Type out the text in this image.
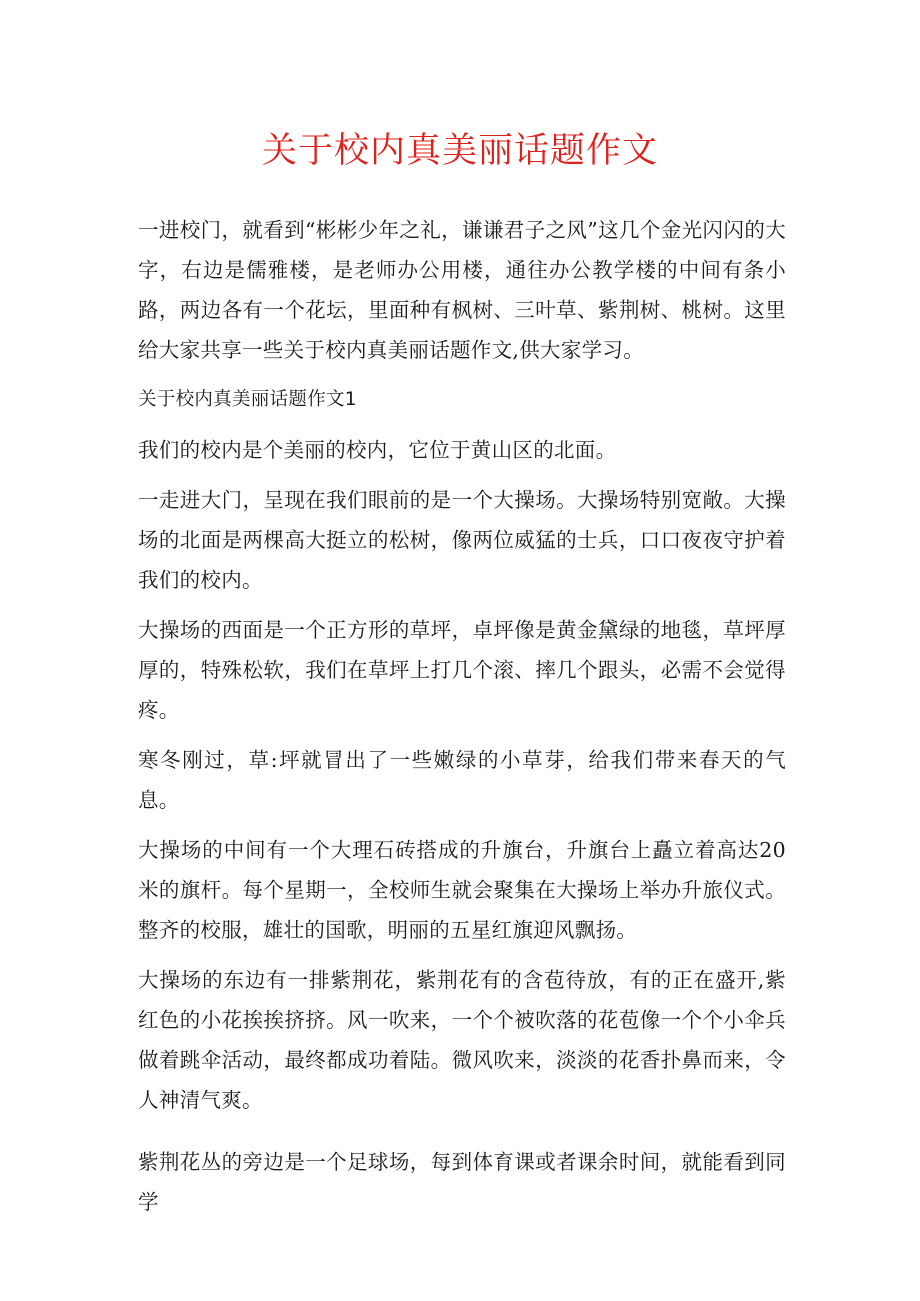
关于校内真美丽话题作文

一进校门，就看到“彬彬少年之礼，谦谦君子之风”这几个金光闪闪的大字，右边是儒雅楼，是老师办公用楼，通往办公教学楼的中间有条小路，两边各有一个花坛，里面种有枫树、三叶草、紫荆树、桃树。这里给大家共享一些关于校内真美丽话题作文,供大家学习。

关于校内真美丽话题作文1

我们的校内是个美丽的校内，它位于黄山区的北面。

一走进大门，呈现在我们眼前的是一个大操场。大操场特别宽敞。大操场的北面是两棵高大挺立的松树，像两位威猛的士兵，口口夜夜守护着我们的校内。

大操场的西面是一个正方形的草坪，卓坪像是黄金黛绿的地毯，草坪厚厚的，特殊松软，我们在草坪上打几个滚、摔几个跟头，必需不会觉得疼。

寒冬刚过，草:坪就冒出了一些嫩绿的小草芽，给我们带来春天的气息。

大操场的中间有一个大理石砖搭成的升旗台，升旗台上矗立着高达20米的旗杆。每个星期一，全校师生就会聚集在大操场上举办升旅仪式。整齐的校服，雄壮的国歌，明丽的五星红旗迎风飘扬。

大操场的东边有一排紫荆花，紫荆花有的含苞待放，有的正在盛开,紫红色的小花挨挨挤挤。风一吹来，一个个被吹落的花苞像一个个小伞兵做着跳伞活动，最终都成功着陆。微风吹来，淡淡的花香扑鼻而来，令人神清气爽。

紫荆花丛的旁边是一个足球场，每到体育课或者课余时间，就能看到同学
